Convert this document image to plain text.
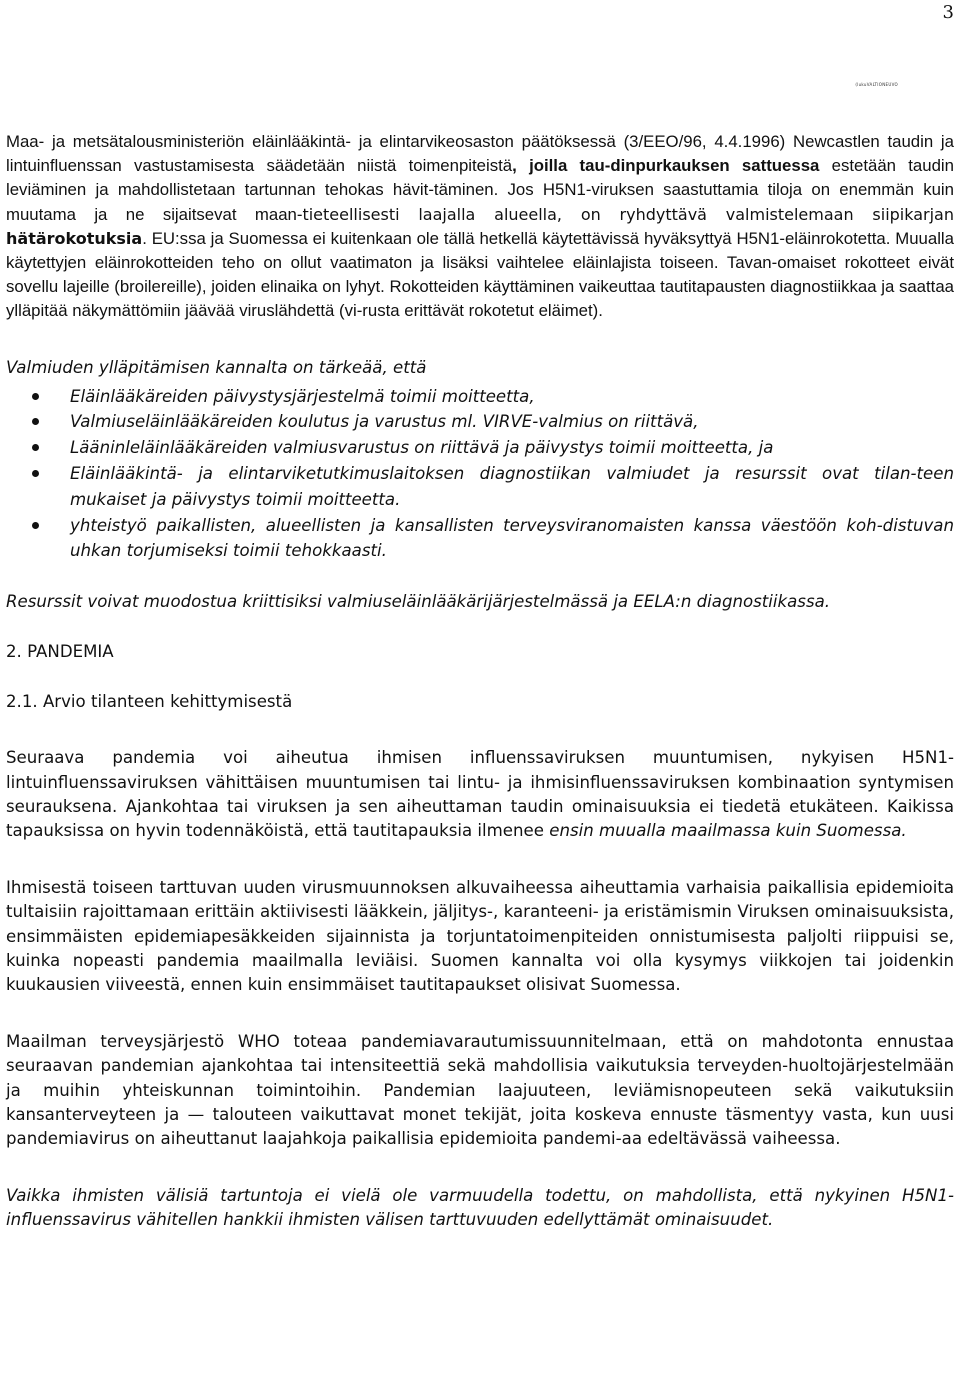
3
(lukuVALTIONEUVO

Maa- ja metsätalousministeriön eläinlääkintä- ja elintarvikeosaston päätöksessä (3/EEO/96, 4.4.1996) Newcastlen taudin ja lintuinfluenssan vastustamisesta säädetään niistä toimenpiteistä, joilla tau-dinpurkauksen sattuessa estetään taudin leviäminen ja mahdollistetaan tartunnan tehokas hävit-täminen. Jos H5N1-viruksen saastuttamia tiloja on enemmän kuin muutama ja ne sijaitsevat maan-tieteellisesti laajalla alueella, on ryhdyttävä valmistelemaan siipikarjan hätärokotuksia. EU:ssa ja Suomessa ei kuitenkaan ole tällä hetkellä käytettävissä hyväksyttyä H5N1-eläinrokotetta. Muualla käytettyjen eläinrokotteiden teho on ollut vaatimaton ja lisäksi vaihtelee eläinlajista toiseen. Tavan-omaiset rokotteet eivät sovellu lajeille (broilereille), joiden elinaika on lyhyt. Rokotteiden käyttäminen vaikeuttaa tautitapausten diagnostiikkaa ja saattaa ylläpitää näkymättömiin jäävää viruslähdettä (vi-rusta erittävät rokotetut eläimet).

Valmiuden ylläpitämisen kannalta on tärkeää, että

Eläinlääkäreiden päivystysjärjestelmä toimii moitteetta,
Valmiuseläinlääkäreiden koulutus ja varustus ml. VIRVE-valmius on riittävä,
Lääninleläinlääkäreiden valmiusvarustus on riittävä ja päivystys toimii moitteetta, ja
Eläinlääkintä- ja elintarviketutkimuslaitoksen diagnostiikan valmiudet ja resurssit ovat tilan-teen mukaiset ja päivystys toimii moitteetta.
yhteistyö paikallisten, alueellisten ja kansallisten terveysviranomaisten kanssa väestöön koh-distuvan uhkan torjumiseksi toimii tehokkaasti.

Resurssit voivat muodostua kriittisiksi valmiuseläinlääkärijärjestelmässä ja EELA:n diagnostiikassa.

2. PANDEMIA

2.1. Arvio tilanteen kehittymisestä

Seuraava pandemia voi aiheutua ihmisen influenssaviruksen muuntumisen, nykyisen H5N1-lintuinfluenssaviruksen vähittäisen muuntumisen tai lintu- ja ihmisinfluenssaviruksen kombinaation syntymisen seurauksena. Ajankohtaa tai viruksen ja sen aiheuttaman taudin ominaisuuksia ei tiedetä etukäteen. Kaikissa tapauksissa on hyvin todennäköistä, että tautitapauksia ilmenee ensin muualla maailmassa kuin Suomessa.

Ihmisestä toiseen tarttuvan uuden virusmuunnoksen alkuvaiheessa aiheuttamia varhaisia paikallisia epidemioita tultaisiin rajoittamaan erittäin aktiivisesti lääkkein, jäljitys-, karanteeni- ja eristämismin Viruksen ominaisuuksista, ensimmäisten epidemiapesäkkeiden sijainnista ja torjuntatoimenpiteiden onnistumisesta paljolti riippuisi se, kuinka nopeasti pandemia maailmalla leviäisi. Suomen kannalta voi olla kysymys viikkojen tai joidenkin kuukausien viiveestä, ennen kuin ensimmäiset tautitapaukset olisivat Suomessa.

Maailman terveysjärjestö WHO toteaa pandemiavarautumissuunnitelmaan, että on mahdotonta ennustaa seuraavan pandemian ajankohtaa tai intensiteettiä sekä mahdollisia vaikutuksia terveyden-huoltojärjestelmään ja muihin yhteiskunnan toimintoihin. Pandemian laajuuteen, leviämisnopeuteen sekä vaikutuksiin kansanterveyteen ja — talouteen vaikuttavat monet tekijät, joita koskeva ennuste täsmentyy vasta, kun uusi pandemiavirus on aiheuttanut laajahkoja paikallisia epidemioita pandemi-aa edeltävässä vaiheessa.

Vaikka ihmisten välisiä tartuntoja ei vielä ole varmuudella todettu, on mahdollista, että nykyinen H5N1- influenssavirus vähitellen hankkii ihmisten välisen tarttuvuuden edellyttämät ominaisuudet.
